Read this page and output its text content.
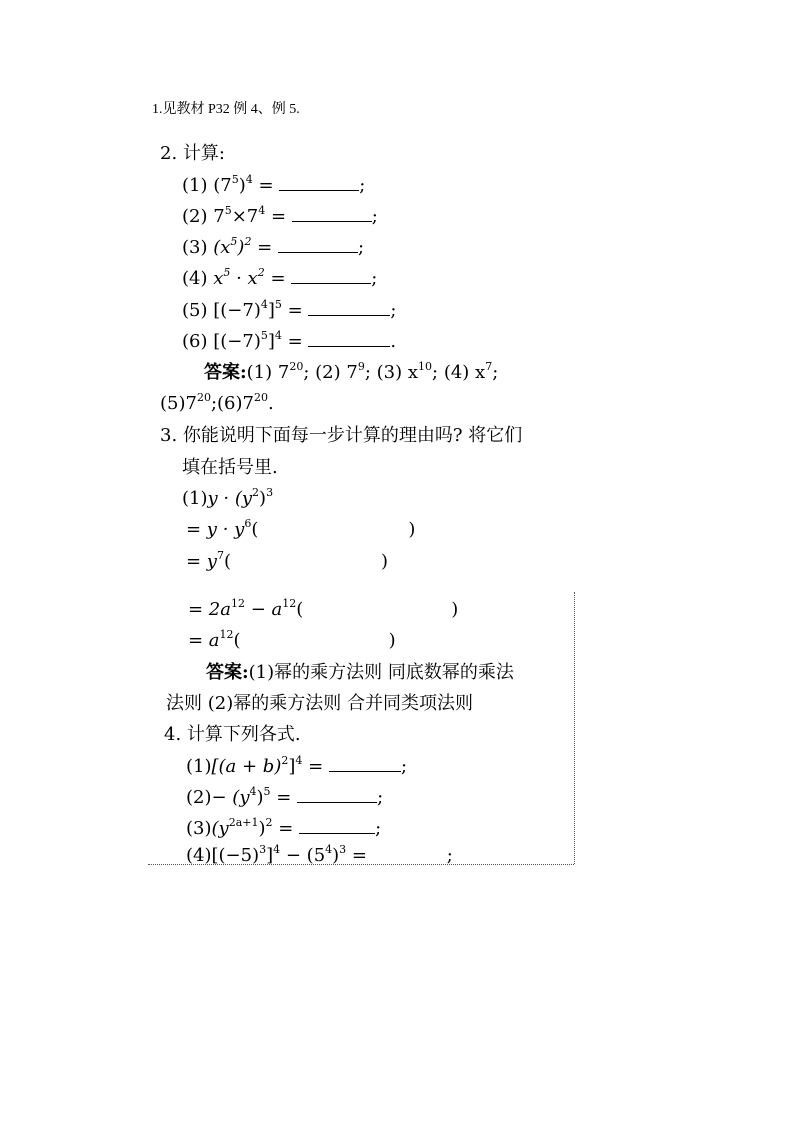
1.见教材 P32 例 4、例 5.
2. 计算:
(1) $(7^5)^4$ =	;
(2) $7^5\times 7^4$ =	;
(3) $(x^5)^2$ =	;
(4) $x^5 \cdot x^2$ =	;
(5) $[(-7)^4]^5$ =	;
(6) $[(-7)^5]^4$ =	.
答案:(1) $7^{20}$; (2) $7^9$; (3) $x^{10}$; (4) $x^7$;
$(5)7^{20};(6)7^{20}$.
3. 你能说明下面每一步计算的理由吗? 将它们
填在括号里.
$(1)y \cdot (y^2)^3$
= $y \cdot y^6$(	)
= $y^7$(	)
= $2a^{12} - a^{12}$(	)
= $a^{12}$(	)
答案:(1)幂的乘方法则 同底数幂的乘法
法则 (2)幂的乘方法则 合并同类项法则
4. 计算下列各式.
$(1)[(a + b)^2]^4$ =	;
$(2)- (y^4)^5$ =	;
$(3)(y^{2a+1})^2$ =	;
$(4)[(-5)^3]^4 - (5^4)^3$ =	;
